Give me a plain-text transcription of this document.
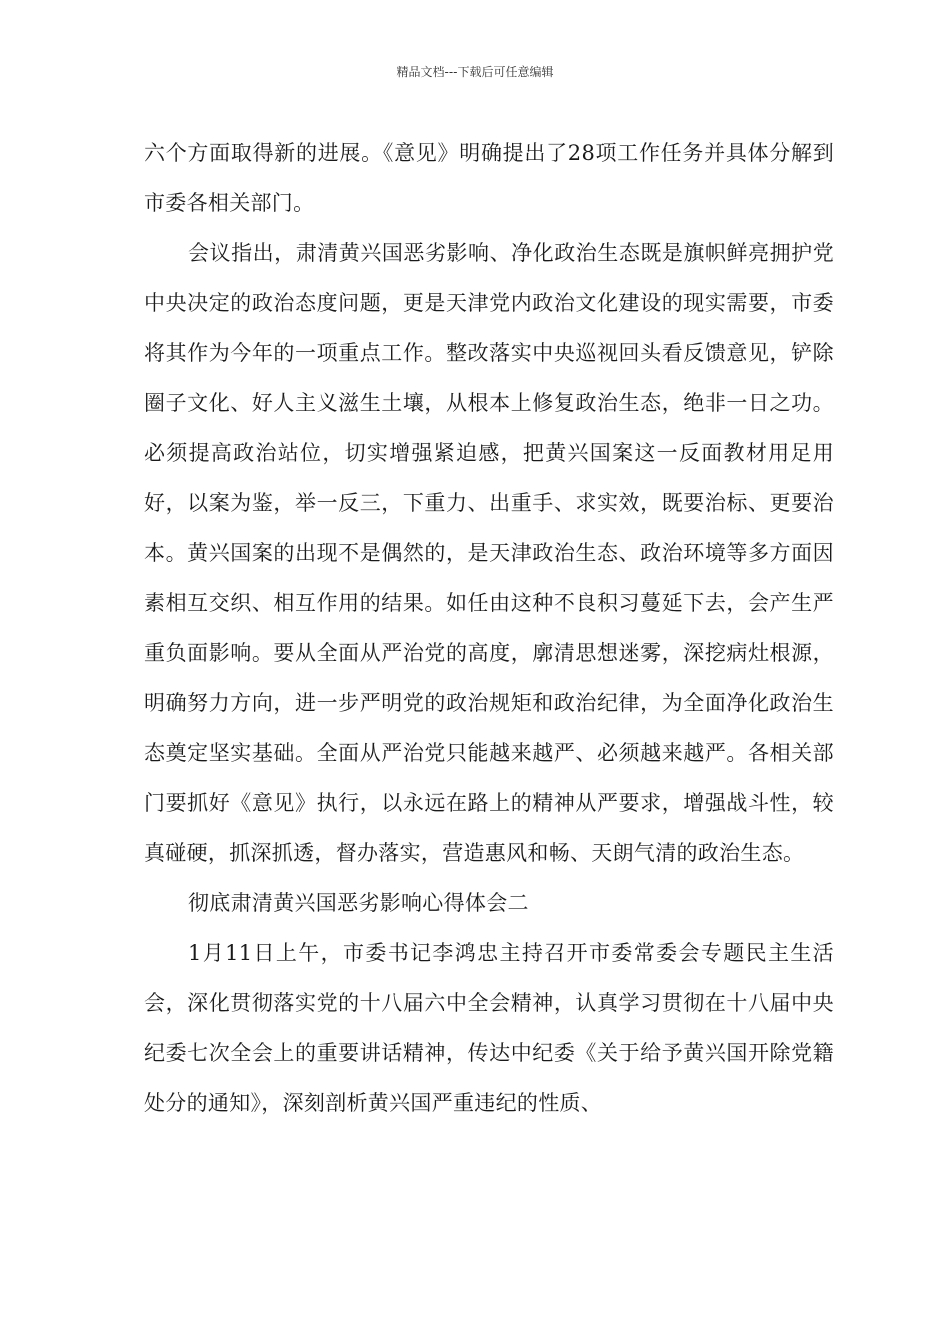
精品文档---下载后可任意编辑

六个方面取得新的进展。《意见》明确提出了28项工作任务并具体分解到市委各相关部门。

会议指出，肃清黄兴国恶劣影响、净化政治生态既是旗帜鲜亮拥护党中央决定的政治态度问题，更是天津党内政治文化建设的现实需要，市委将其作为今年的一项重点工作。整改落实中央巡视回头看反馈意见，铲除圈子文化、好人主义滋生土壤，从根本上修复政治生态，绝非一日之功。必须提高政治站位，切实增强紧迫感，把黄兴国案这一反面教材用足用好，以案为鉴，举一反三，下重力、出重手、求实效，既要治标、更要治本。黄兴国案的出现不是偶然的，是天津政治生态、政治环境等多方面因素相互交织、相互作用的结果。如任由这种不良积习蔓延下去，会产生严重负面影响。要从全面从严治党的高度，廓清思想迷雾，深挖病灶根源，明确努力方向，进一步严明党的政治规矩和政治纪律，为全面净化政治生态奠定坚实基础。全面从严治党只能越来越严、必须越来越严。各相关部门要抓好《意见》执行，以永远在路上的精神从严要求，增强战斗性，较真碰硬，抓深抓透，督办落实，营造惠风和畅、天朗气清的政治生态。

彻底肃清黄兴国恶劣影响心得体会二

1月11日上午，市委书记李鸿忠主持召开市委常委会专题民主生活会，深化贯彻落实党的十八届六中全会精神，认真学习贯彻在十八届中央纪委七次全会上的重要讲话精神，传达中纪委《关于给予黄兴国开除党籍处分的通知》，深刻剖析黄兴国严重违纪的性质、
